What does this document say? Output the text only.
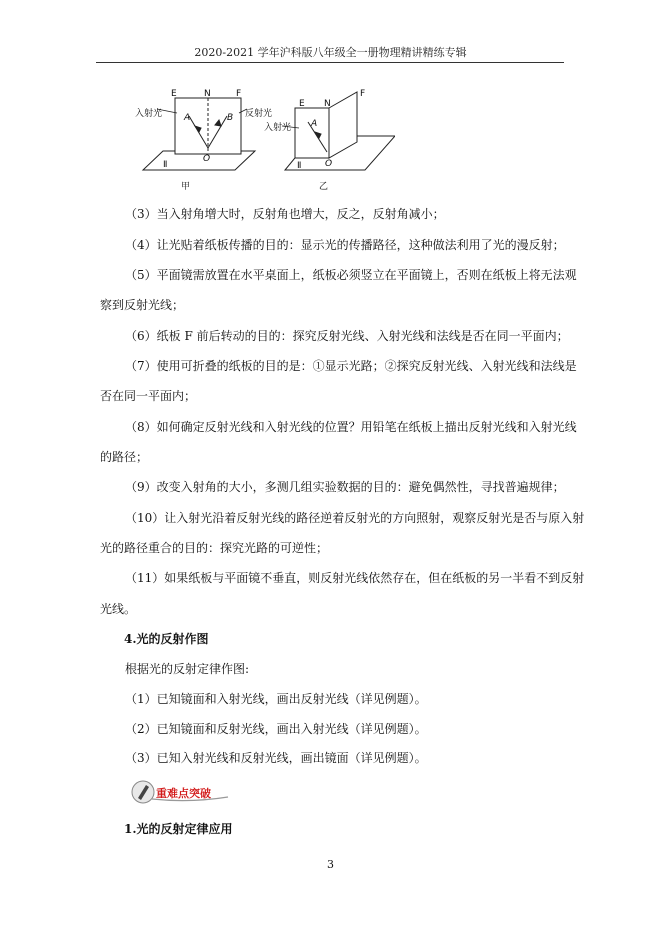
2020-2021 学年沪科版八年级全一册物理精讲精练专辑
E	N	F
入射光	反射光
A	B
O
Ⅱ
甲
E N
F
入射光 A
O
Ⅱ
乙
（3）当入射角增大时，反射角也增大，反之，反射角减小；
（4）让光贴着纸板传播的目的：显示光的传播路径，这种做法利用了光的漫反射；
（5）平面镜需放置在水平桌面上，纸板必须竖立在平面镜上，否则在纸板上将无法观
察到反射光线；
（6）纸板 F 前后转动的目的：探究反射光线、入射光线和法线是否在同一平面内；
（7）使用可折叠的纸板的目的是：①显示光路；②探究反射光线、入射光线和法线是
否在同一平面内；
（8）如何确定反射光线和入射光线的位置？用铅笔在纸板上描出反射光线和入射光线
的路径；
（9）改变入射角的大小，多测几组实验数据的目的：避免偶然性，寻找普遍规律；
（10）让入射光沿着反射光线的路径逆着反射光的方向照射，观察反射光是否与原入射
光的路径重合的目的：探究光路的可逆性；
（11）如果纸板与平面镜不垂直，则反射光线依然存在，但在纸板的另一半看不到反射
光线。
4.光的反射作图
根据光的反射定律作图:
（1）已知镜面和入射光线，画出反射光线（详见例题）。
（2）已知镜面和反射光线，画出入射光线（详见例题）。
（3）已知入射光线和反射光线，画出镜面（详见例题）。
重难点突破
1.光的反射定律应用
3
